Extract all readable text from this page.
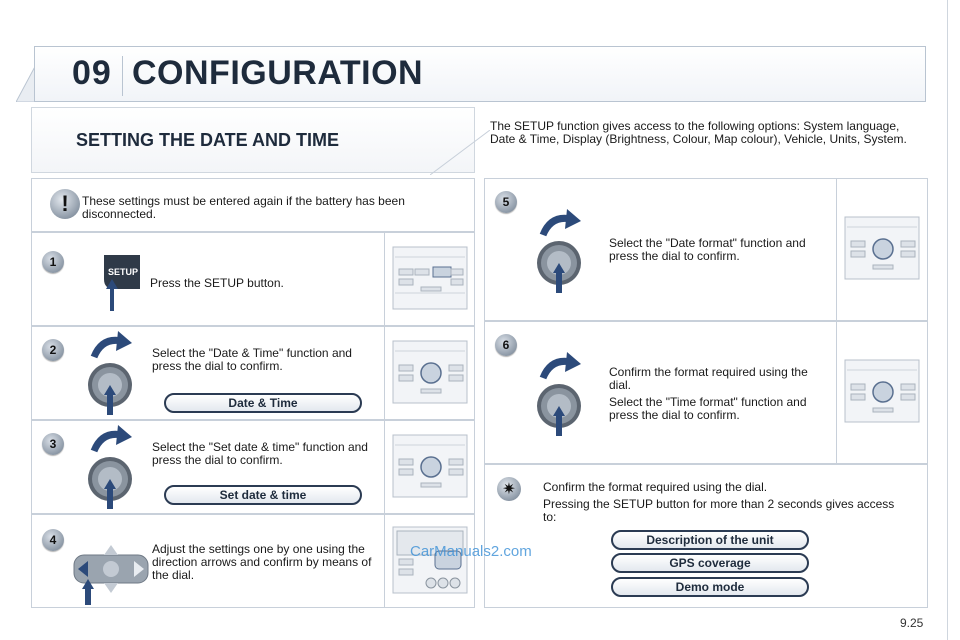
09 CONFIGURATION
SETTING THE DATE AND TIME
The SETUP function gives access to the following options: System language, Date & Time, Display (Brightness, Colour, Map colour), Vehicle, Units, System.
!	These settings must be entered again if the battery has been disconnected.
1
SETUP
Press the SETUP button.
2	Select the "Date & Time" function and press the dial to confirm.
Date & Time
3	Select the "Set date & time" function and press the dial to confirm.
Set date & time
4
Adjust the settings one by one using the direction arrows and confirm by means of the dial.
5
Select the "Date format" function and press the dial to confirm.
6

Confirm the format required using the dial.

Select the "Time format" function and press the dial to confirm.

✷	Confirm the format required using the dial.

Pressing the SETUP button for more than 2 seconds gives access to:

Description of the unit
GPS coverage
Demo mode
CarManuals2.com
9.25
